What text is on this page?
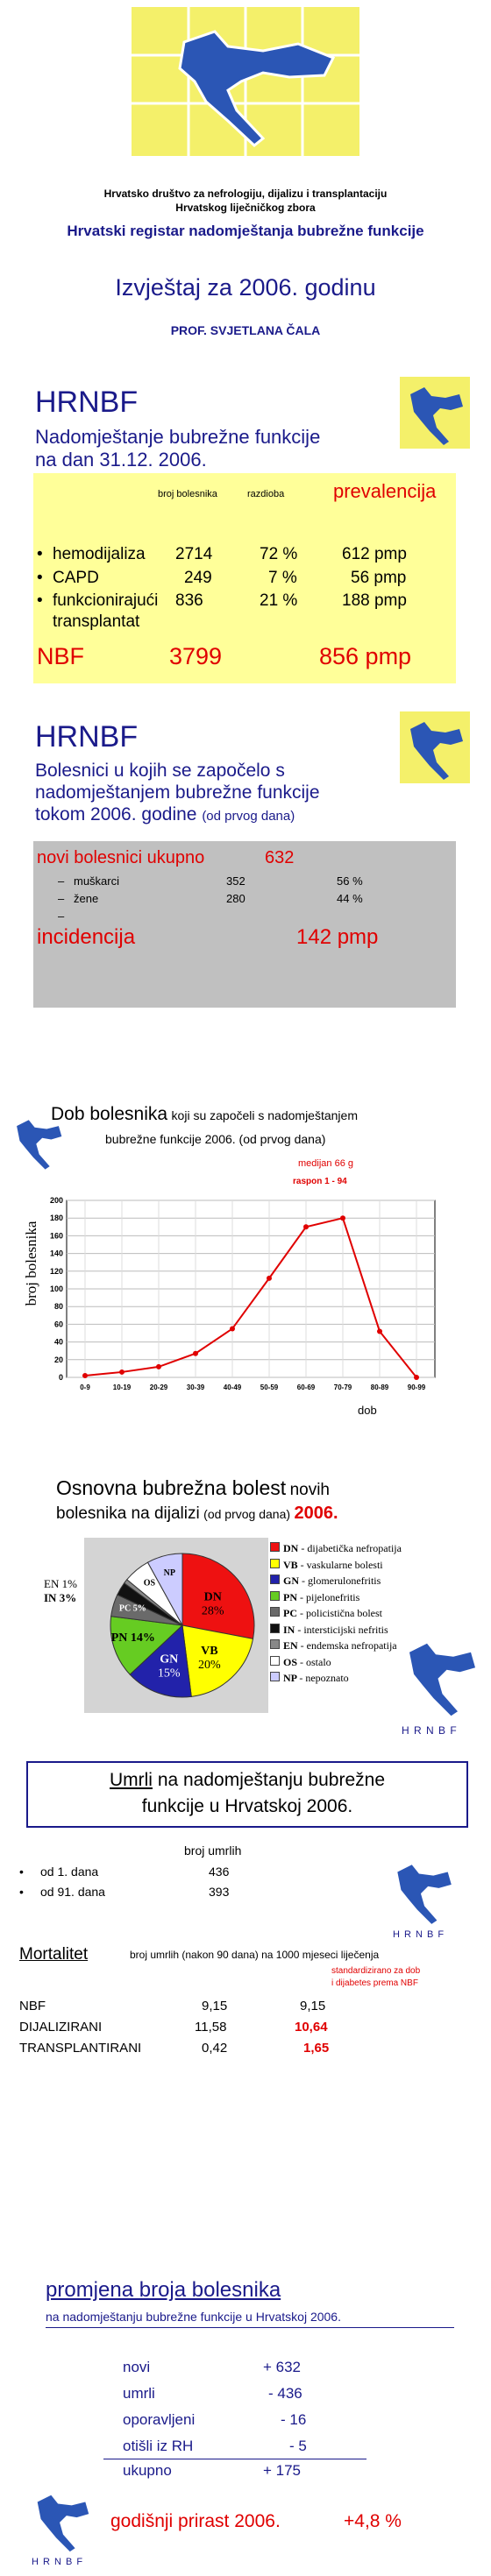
Hrvatsko društvo za nefrologiju, dijalizu i transplantaciju
Hrvatskog liječničkog zbora
Hrvatski registar nadomještanja bubrežne funkcije
Izvještaj za 2006. godinu
PROF. SVJETLANA ČALA
HRNBF
Nadomještanje bubrežne funkcije
na dan 31.12. 2006.
broj bolesnika	razdioba	prevalencija
• hemodijaliza 2714	72 %	612 pmp
• CAPD	249	7 %	56 pmp
• funkcionirajući
transplantat
836	21 %	188 pmp
NBF	3799	856 pmp
HRNBF
Bolesnici u kojih se započelo s
nadomještanjem bubrežne funkcije
tokom 2006. godine (od prvog dana)
novi bolesnici ukupno	632
– muškarci	352	56 %
– žene	280	44 %
–
incidencija	142 pmp
Dob bolesnika koji su započeli s nadomještanjem
bubrežne funkcije 2006. (od prvog dana)
medijan 66 g
raspon 1 - 94
broj bolesnika
dob
0
20
40
60
80
100
120
140
160
180
200
0-9	10-19	20-29	30-39	40-49	50-59	60-69	70-79	80-89	90-99
Osnovna bubrežna bolest novih
bolesnika na dijalizi (od prvog dana) 2006.
DN
28%
VB
20%
GN
15%
PN 14%
PC 5%
OS
NP
EN 1%
IN 3%
DN - dijabetička nefropatija
VB - vaskularne bolesti
GN - glomerulonefritis
PN - pijelonefritis
PC - policistična bolest
IN - intersticijski nefritis
EN - endemska nefropatija
OS - ostalo
NP - nepoznato
H R N B F
Umrli na nadomještanju bubrežne
funkcije u Hrvatskoj 2006.
broj umrlih
• od 1. dana	436
• od 91. dana	393
H R N B F
Mortalitet	broj umrlih (nakon 90 dana) na 1000 mjeseci liječenja
standardizirano za dob
i dijabetes prema NBF
NBF	9,15	9,15
DIJALIZIRANI	11,58	10,64
TRANSPLANTIRANI	0,42	1,65
promjena broja bolesnika
na nadomještanju bubrežne funkcije u Hrvatskoj 2006.
novi	+ 632
umrli	- 436
oporavljeni	- 16
otišli iz RH	- 5
ukupno	+ 175
H R N B F
godišnji prirast 2006.	+4,8 %
